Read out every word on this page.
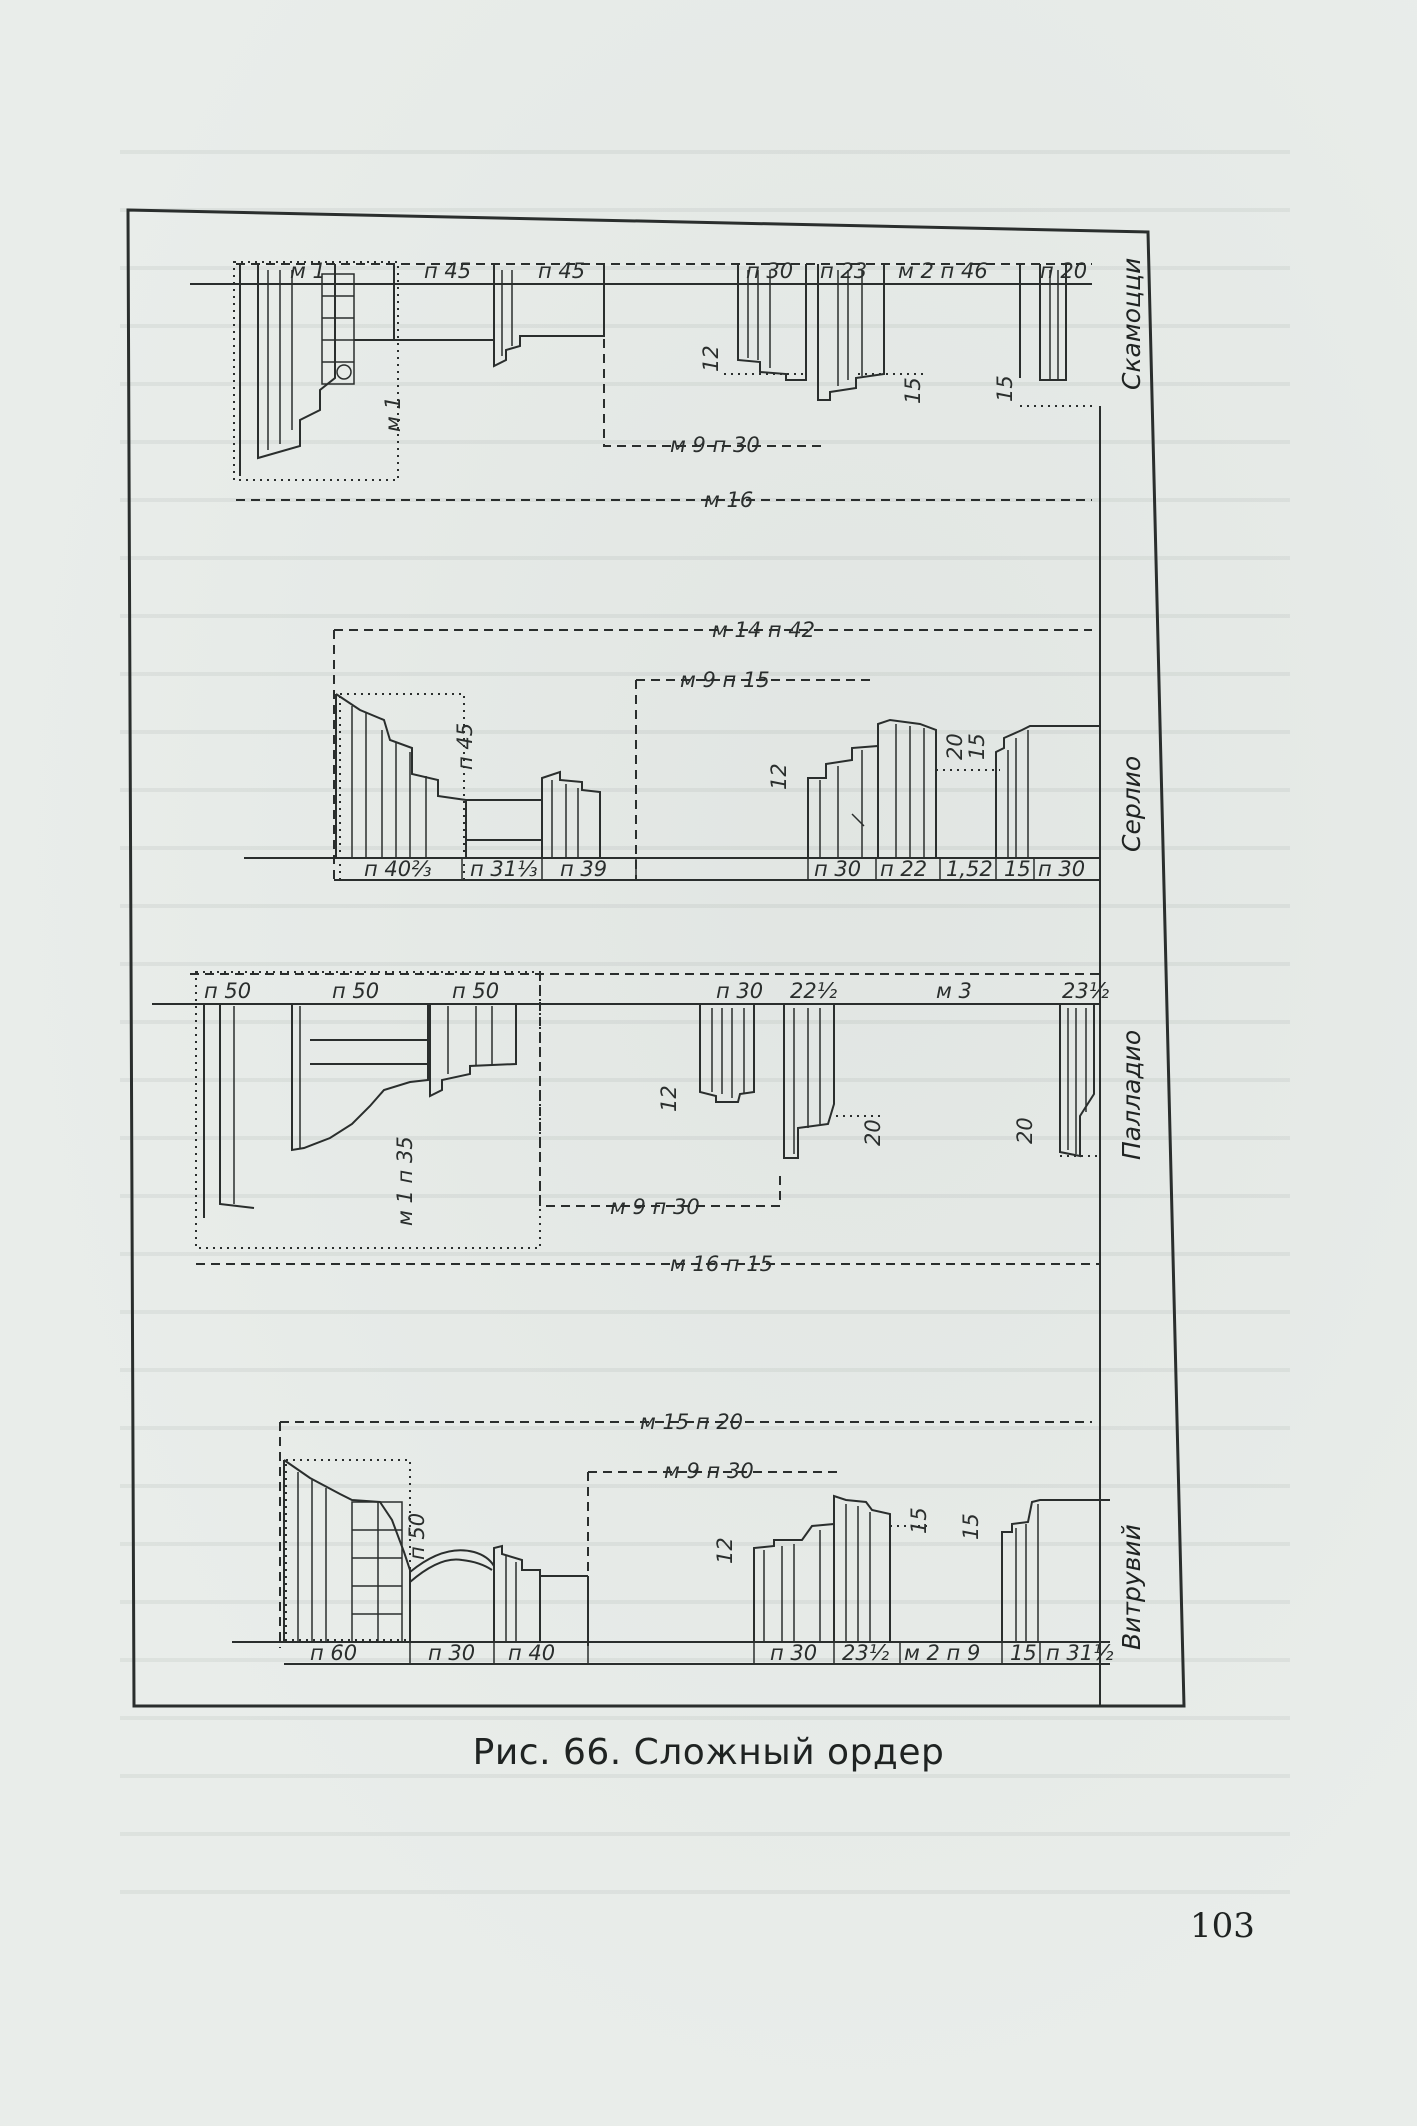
м 1	п 45	п 45	п 30 п 23 м 2 п 46 п 20
м 1
12
15	15
м 9 п 30
м 16
Скамоцци
п 45
п 40⅔ п 31⅓ п 39
12
20
15
п 30 п 22 1,52 15 п 30
м 14 п 42
м 9 п 15
Серлио
п 50	п 50	п 50	п 30 22½	м 3	23½
м 1 п 35
12
20	20
м 9 п 30
м 16 п 15
Палладио
п 50
п 60	п 30 п 40
12
15 15
п 30 23½ м 2 п 9 15 п 31½
м 15 п 20
м 9 п 30
Витрувий
Рис. 66. Сложный ордер
103
